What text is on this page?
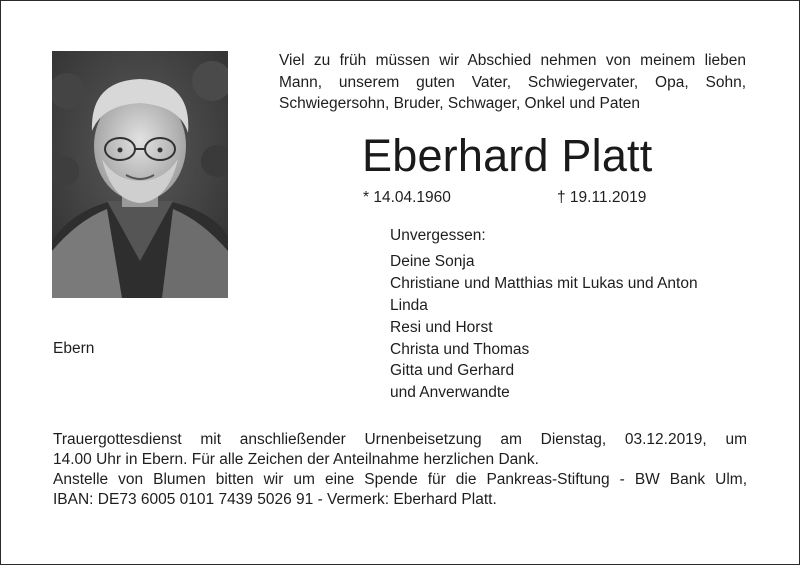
Viel zu früh müssen wir Abschied nehmen von meinem lieben
Mann, unserem guten Vater, Schwiegervater, Opa, Sohn,
Schwiegersohn, Bruder, Schwager, Onkel und Paten
Eberhard Platt
* 14.04.1960	† 19.11.2019
Unvergessen:
Deine Sonja
Christiane und Matthias mit Lukas und Anton
Linda
Resi und Horst
Christa und Thomas
Gitta und Gerhard
und Anverwandte
Ebern
Trauergottesdienst mit anschließender Urnenbeisetzung am Dienstag, 03.12.2019, um
14.00 Uhr in Ebern. Für alle Zeichen der Anteilnahme herzlichen Dank.
Anstelle von Blumen bitten wir um eine Spende für die Pankreas-Stiftung - BW Bank Ulm,
IBAN: DE73 6005 0101 7439 5026 91 - Vermerk: Eberhard Platt.
